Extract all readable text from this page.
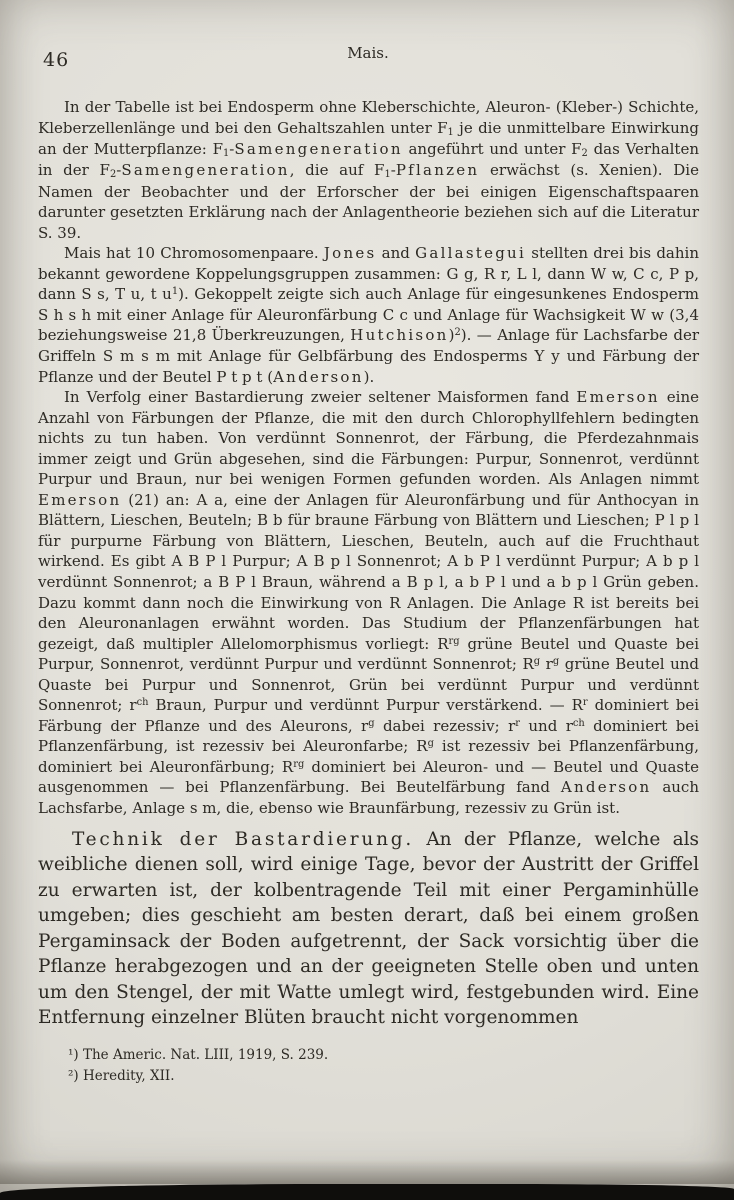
46	Mais.

In der Tabelle ist bei Endosperm ohne Kleberschichte, Aleuron- (Kleber-) Schichte, Kleberzellenlänge und bei den Gehaltszahlen unter F1 je die unmittelbare Einwirkung an der Mutterpflanze: F1-Samengeneration angeführt und unter F2 das Verhalten in der F2-Samengeneration, die auf F1-Pflanzen erwächst (s. Xenien). Die Namen der Beobachter und der Erforscher der bei einigen Eigenschaftspaaren darunter gesetzten Erklärung nach der Anlagentheorie beziehen sich auf die Literatur S. 39.

Mais hat 10 Chromosomenpaare. Jones and Gallastegui stellten drei bis dahin bekannt gewordene Koppelungsgruppen zusammen: G g, R r, L l, dann W w, C c, P p, dann S s, T u, t $u^1$). Gekoppelt zeigte sich auch Anlage für eingesunkenes Endosperm S h s h mit einer Anlage für Aleuronfärbung C c und Anlage für Wachsigkeit W w (3,4 beziehungsweise 21,8 Überkreuzungen, Hutchison)$^2$). — Anlage für Lachsfarbe der Griffeln S m s m mit Anlage für Gelbfärbung des Endosperms Y y und Färbung der Pflanze und der Beutel P t p t (Anderson).

In Verfolg einer Bastardierung zweier seltener Maisformen fand Emerson eine Anzahl von Färbungen der Pflanze, die mit den durch Chlorophyllfehlern bedingten nichts zu tun haben. Von verdünnt Sonnenrot, der Färbung, die Pferdezahnmais immer zeigt und Grün abgesehen, sind die Färbungen: Purpur, Sonnenrot, verdünnt Purpur und Braun, nur bei wenigen Formen gefunden worden. Als Anlagen nimmt Emerson (21) an: A a, eine der Anlagen für Aleuronfärbung und für Anthocyan in Blättern, Lieschen, Beuteln; B b für braune Färbung von Blättern und Lieschen; P l p l für purpurne Färbung von Blättern, Lieschen, Beuteln, auch auf die Fruchthaut wirkend. Es gibt A B P l Purpur; A B p l Sonnenrot; A b P l verdünnt Purpur; A b p l verdünnt Sonnenrot; a B P l Braun, während a B p l, a b P l und a b p l Grün geben. Dazu kommt dann noch die Einwirkung von R Anlagen. Die Anlage R ist bereits bei den Aleuronanlagen erwähnt worden. Das Studium der Pflanzenfärbungen hat gezeigt, daß multipler Allelomorphismus vorliegt: $R^{rg}$ grüne Beutel und Quaste bei Purpur, Sonnenrot, verdünnt Purpur und verdünnt Sonnenrot; $R^g$ $r^g$ grüne Beutel und Quaste bei Purpur und Sonnenrot, Grün bei verdünnt Purpur und verdünnt Sonnenrot; $r^{ch}$ Braun, Purpur und verdünnt Purpur verstärkend. — $R^r$ dominiert bei Färbung der Pflanze und des Aleurons, $r^g$ dabei rezessiv; $r^r$ und $r^{ch}$ dominiert bei Pflanzenfärbung, ist rezessiv bei Aleuronfarbe; $R^g$ ist rezessiv bei Pflanzenfärbung, dominiert bei Aleuronfärbung; $R^{rg}$ dominiert bei Aleuron- und — Beutel und Quaste ausgenommen — bei Pflanzenfärbung. Bei Beutelfärbung fand Anderson auch Lachsfarbe, Anlage s m, die, ebenso wie Braunfärbung, rezessiv zu Grün ist.

Technik der Bastardierung. An der Pflanze, welche als weibliche dienen soll, wird einige Tage, bevor der Austritt der Griffel zu erwarten ist, der kolbentragende Teil mit einer Pergaminhülle umgeben; dies geschieht am besten derart, daß bei einem großen Pergaminsack der Boden aufgetrennt, der Sack vorsichtig über die Pflanze herabgezogen und an der geeigneten Stelle oben und unten um den Stengel, der mit Watte umlegt wird, festgebunden wird. Eine Entfernung einzelner Blüten braucht nicht vorgenommen

¹) The Americ. Nat. LIII, 1919, S. 239.

²) Heredity, XII.
